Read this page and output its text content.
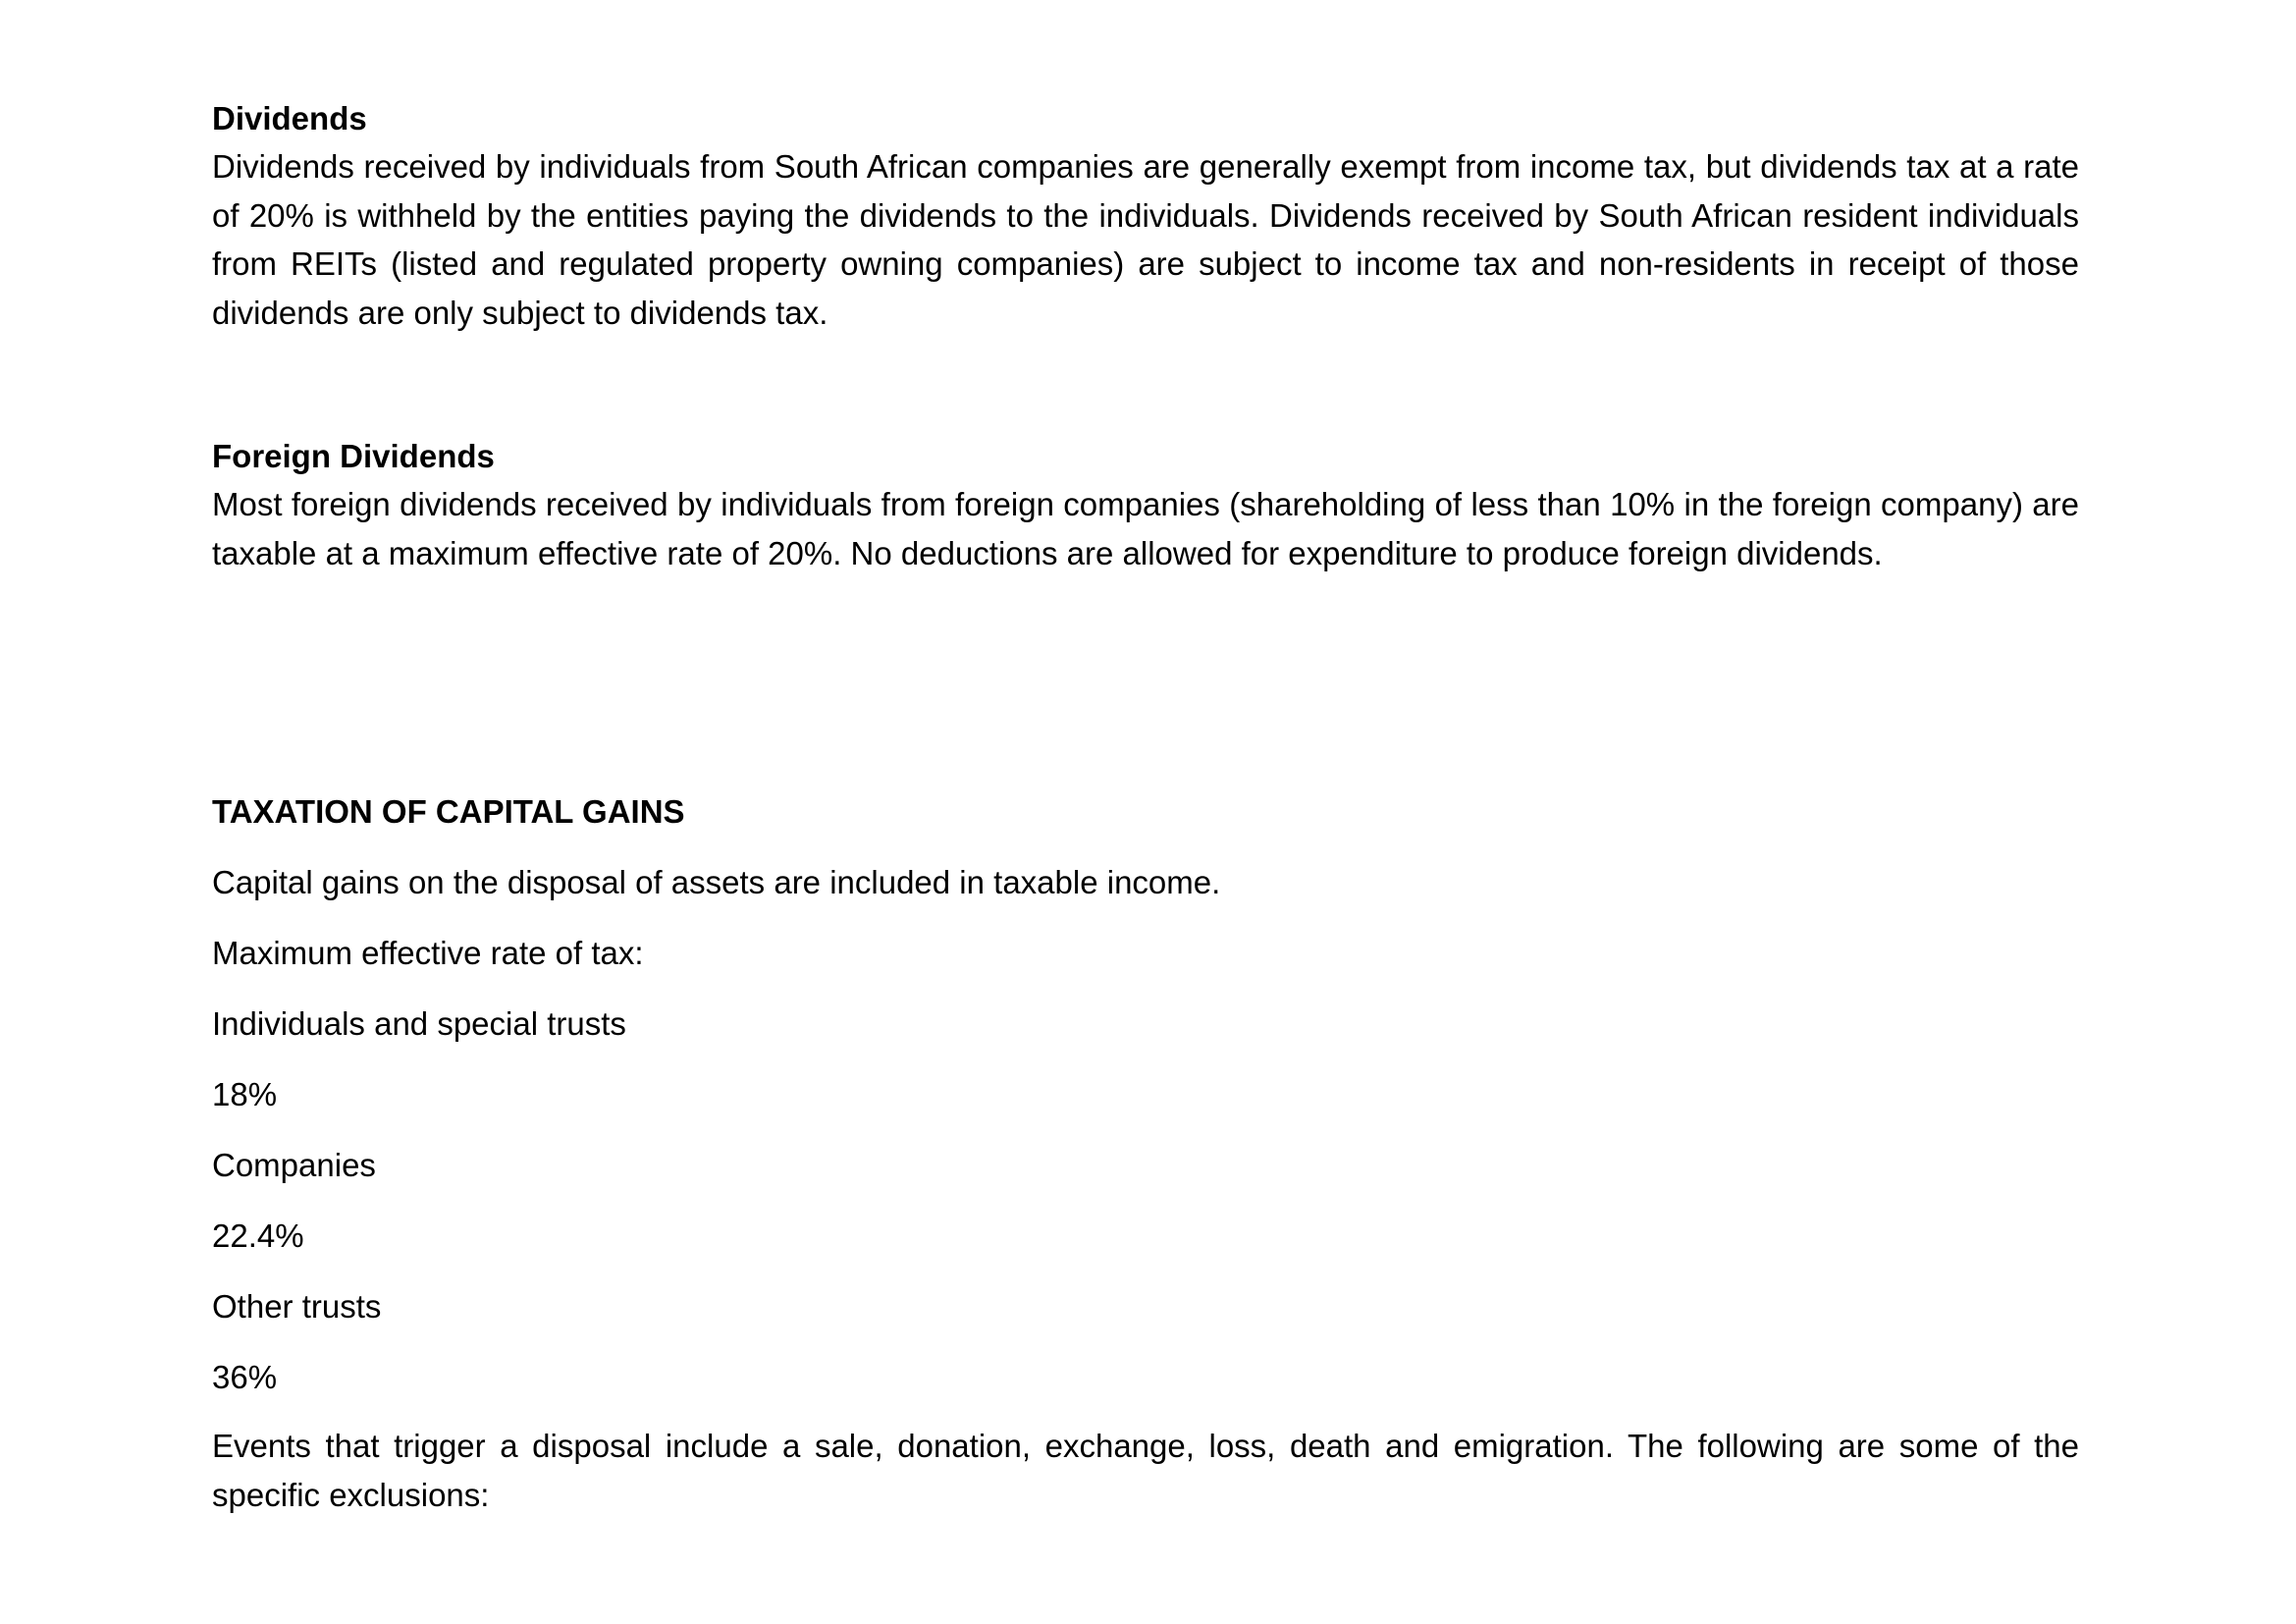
Dividends

Dividends received by individuals from South African companies are generally exempt from income tax, but dividends tax at a rate of 20% is withheld by the entities paying the dividends to the individuals. Dividends received by South African resident individuals from REITs (listed and regulated property owning companies) are subject to income tax and non-residents in receipt of those dividends are only subject to dividends tax.

Foreign Dividends

Most foreign dividends received by individuals from foreign companies (shareholding of less than 10% in the foreign company) are taxable at a maximum effective rate of 20%. No deductions are allowed for expenditure to produce foreign dividends.

TAXATION OF CAPITAL GAINS

Capital gains on the disposal of assets are included in taxable income.

Maximum effective rate of tax:

Individuals and special trusts

18%

Companies

22.4%

Other trusts

36%

Events that trigger a disposal include a sale, donation, exchange, loss, death and emigration. The following are some of the specific exclusions:
